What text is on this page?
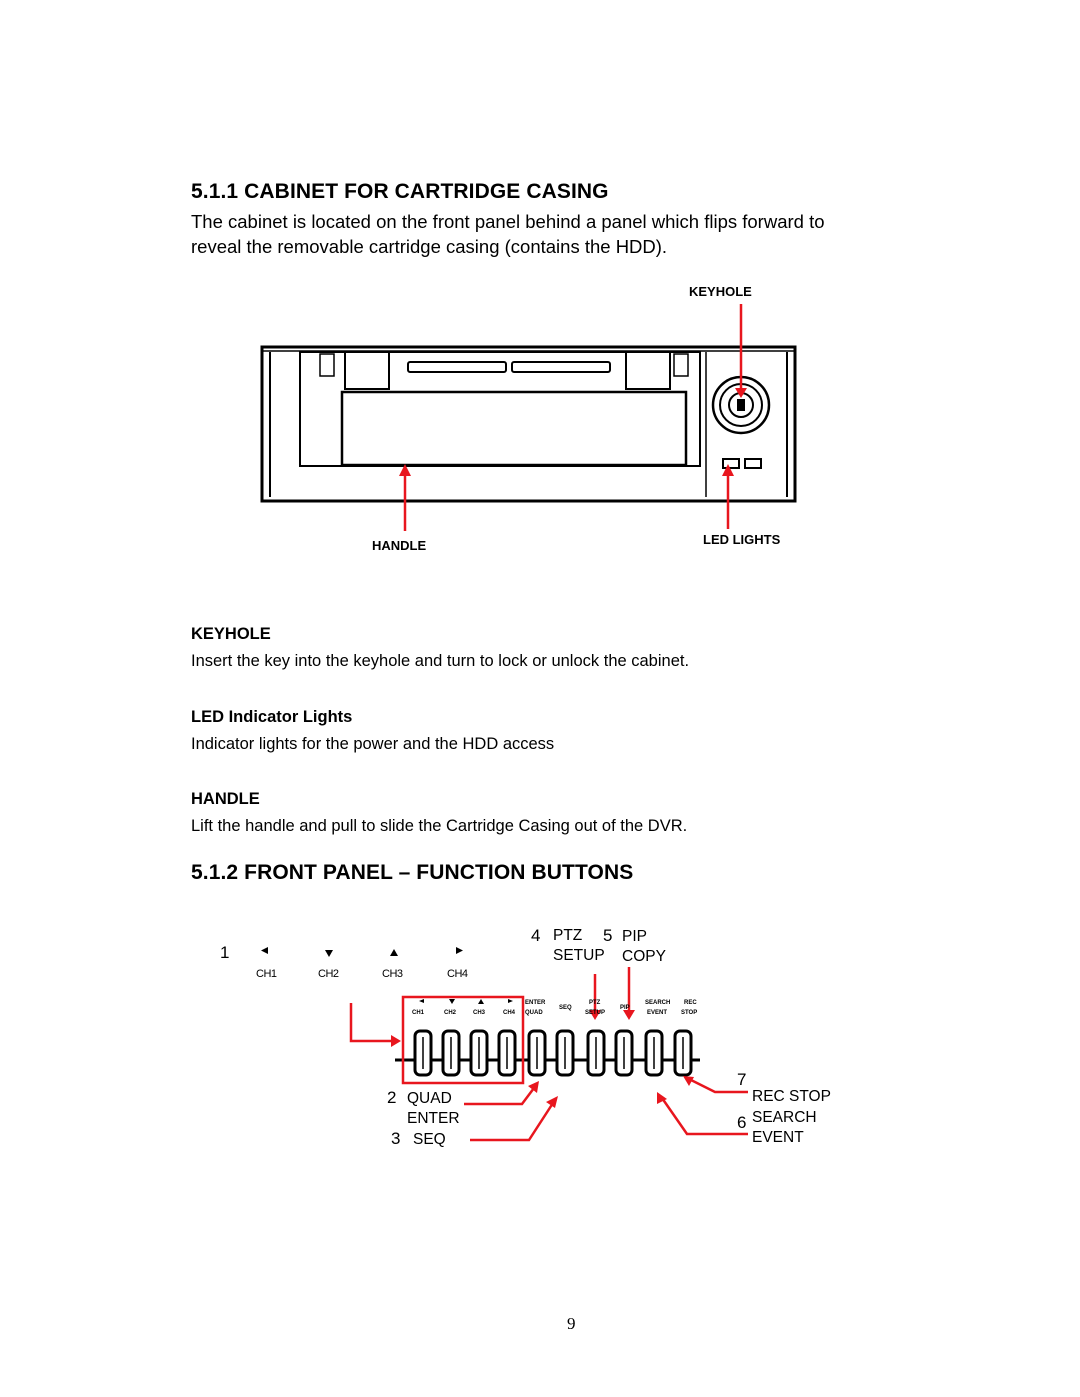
5.1.1 CABINET FOR CARTRIDGE CASING
The cabinet is located on the front panel behind a panel which flips forward to
reveal the removable cartridge casing (contains the HDD).
KEYHOLE
HANDLE	LED LIGHTS
KEYHOLE
Insert the key into the keyhole and turn to lock or unlock the cabinet.
LED Indicator Lights
Indicator lights for the power and the HDD access
HANDLE
Lift the handle and pull to slide the Cartridge Casing out of the DVR.
5.1.2 FRONT PANEL – FUNCTION BUTTONS
1
CH1	CH2	CH3	CH4
4 PTZ 5 PIP
SETUP COPY
CH1	CH2	CH3	CH4
ENTER
QUAD
SEQ
PTZ
SETUP
PIP
SEARCH
EVENT
REC
STOP
2 QUAD
ENTER
3 SEQ
7
REC STOP
6 SEARCH
EVENT
9
